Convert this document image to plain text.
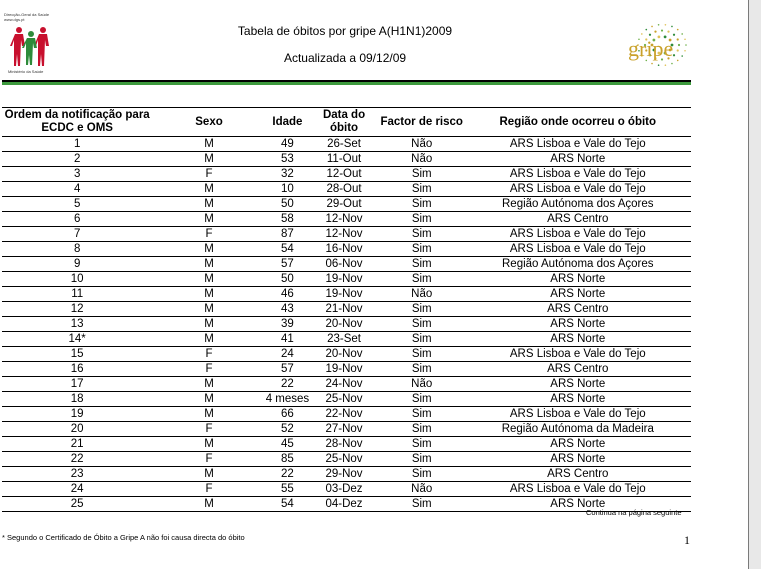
Direcção-Geral da Saúde
www.dgs.pt
Ministério da Saúde
Tabela de óbitos por gripe A(H1N1)2009
Actualizada a 09/12/09	gripe
Ordem da notificação para ECDC e OMS	Sexo	Idade	Data do óbito	Factor de risco	Região onde ocorreu o óbito
1	M	49	26-Set	Não	ARS Lisboa e Vale do Tejo
2	M	53	11-Out	Não	ARS Norte
3	F	32	12-Out	Sim	ARS Lisboa e Vale do Tejo
4	M	10	28-Out	Sim	ARS Lisboa e Vale do Tejo
5	M	50	29-Out	Sim	Região Autónoma dos Açores
6	M	58	12-Nov	Sim	ARS Centro
7	F	87	12-Nov	Sim	ARS Lisboa e Vale do Tejo
8	M	54	16-Nov	Sim	ARS Lisboa e Vale do Tejo
9	M	57	06-Nov	Sim	Região Autónoma dos Açores
10	M	50	19-Nov	Sim	ARS Norte
11	M	46	19-Nov	Não	ARS Norte
12	M	43	21-Nov	Sim	ARS Centro
13	M	39	20-Nov	Sim	ARS Norte
14*	M	41	23-Set	Sim	ARS Norte
15	F	24	20-Nov	Sim	ARS Lisboa e Vale do Tejo
16	F	57	19-Nov	Sim	ARS Centro
17	M	22	24-Nov	Não	ARS Norte
18	M	4 meses	25-Nov	Sim	ARS Norte
19	M	66	22-Nov	Sim	ARS Lisboa e Vale do Tejo
20	F	52	27-Nov	Sim	Região Autónoma da Madeira
21	M	45	28-Nov	Sim	ARS Norte
22	F	85	25-Nov	Sim	ARS Norte
23	M	22	29-Nov	Sim	ARS Centro
24	F	55	03-Dez	Não	ARS Lisboa e Vale do Tejo
25	M	54	04-Dez	Sim	ARS Norte
Continua na página seguinte
* Segundo o Certificado de Óbito a Gripe A não foi causa directa do óbito	1
